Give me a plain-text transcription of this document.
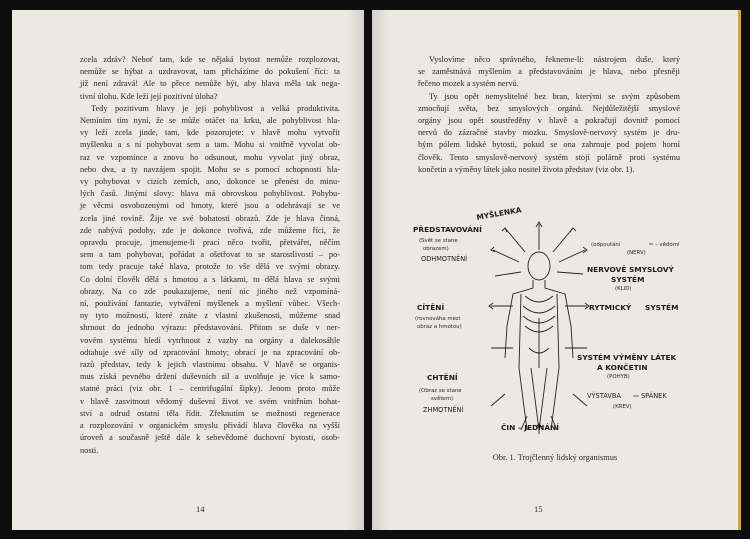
zcela zdráv? Neboť tam, kde se nějaká bytost nemůže rozplozovat,
nemůže se hýbat a uzdravovat, tam přicházíme do pokušení říci: ta
již není zdravá! Ale to přece nemůže být, aby hlava měla tak nega-
tivní úlohu. Kde leží její pozitivní úloha?
Tedy pozitivum hlavy je její pohyblivost a velká produktivita.
Nemíním tím nyní, že se může otáčet na krku, ale pohyblivost hla-
vy leží zcela jinde, tam, kde pozorujete: v hlavě mohu vytvořit
myšlenku a s ní pohybovat sem a tam. Mohu si vnitřně vyvolat ob-
raz ve vzpomínce a znovu ho odsunout, mohu vyvolat jiný obraz,
nebo dva, a ty navzájem spojit. Mohu se s pomocí schopnosti hla-
vy pohybovat v cizích zemích, ano, dokonce se přenést do minu-
lých časů. Jinými slovy: hlava má obrovskou pohyblivost. Pohybu-
je věcmi osvobozenými od hmoty, které jsou a odehrávají se ve
zcela jiné rovině. Žije ve své bohatosti obrazů. Zde je hlava činná,
zde nabývá podoby, zde je dokonce tvořivá, zde můžeme říci, že
opravdu pracuje, jmenujeme-li prací něco tvořit, přetvářet, něčím
sem a tam pohybovat, pořádat a ošetřovat to se starostlivostí – po-
tom tedy pracuje také hlava, protože to vše dělá ve svými obrazy.
Co dolní člověk dělá s hmotou a s látkami, to dělá hlava se svými
obrazy. Na co zde poukazujeme, není nic jiného než vzpomíná-
ní, používání fantazie, vytváření myšlenek a myšlení vůbec. Všech-
ny tyto možnosti, které znáte z vlastní zkušenosti, můžeme snad
shrnout do jednoho výrazu: představování. Přitom se duše v ner-
vovém systému hledí vytrhnout z vazby na orgány a dalekosáhle
odtahuje své síly od zpracování hmoty; obrací je na zpracování ob-
razů představ, tedy k jejich vlastnímu obsahu. V hlavě se organis-
mus získá pevného držení duševních sil a uvolňuje je více k samo-
statné práci (viz obr. 1 – centrifugální šipky). Jenom proto může
v hlavě zasvitnout vědomý duševní život ve svém vnitřním bohat-
ství a odrud ostatní těla řídit. Zřeknutím se možnosti regenerace
a rozplozování v organickém smyslu přivádí hlava člověka na vyšší
úroveň a současně ještě dále k sebevědomé duchovní bytosti, osob-
nosti.
14
Vyslovíme něco správného, řekneme-li: nástrojem duše, který
se zaměstnává myšlením a představováním je hlava, nebo přesněji
řečeno mozek a systém nervů.
Ty jsou opět nemyslitelné bez bran, kterými se svým způsobem
zmocňují světa, bez smyslových orgánů. Nejdůležitější smyslové
orgány jsou opět soustředěny v hlavě a pokračují dovnitř pomocí
nervů do zázračné stavby mozku. Smyslově-nervový systém je dru-
hým pólem lidské bytosti, pokud se ona zahrnuje pod pojem horní
člověk. Tento smyslově-nervový systém stojí polárně proti systému
končetin a výměny látek jako nositel života představ (viz obr. 1).
PŘEDSTAVOVÁNÍ
(Svět se stane
obrazem)
ODHMOTNĚNÍ
MYŠLENKA
CÍTĚNÍ
(rovnováha mezi
obraz a hmotou)
CHTĚNÍ
(Obraz se stane
světem)
ZHMOTNĚNÍ
ČIN – JEDNÁNÍ
(odpoutání	– vědomí
(NERV)
NERVOVĚ SMYSLOVÝ
SYSTÉM
(KLID)
RYTMICKÝ SYSTÉM
SYSTÉM VÝMĚNY LÁTEK
A KONČETIN
(POHYB)
VÝSTAVBA	SPÁNEK
(KREV)
Obr. 1. Trojčlenný lidský organismus
15
